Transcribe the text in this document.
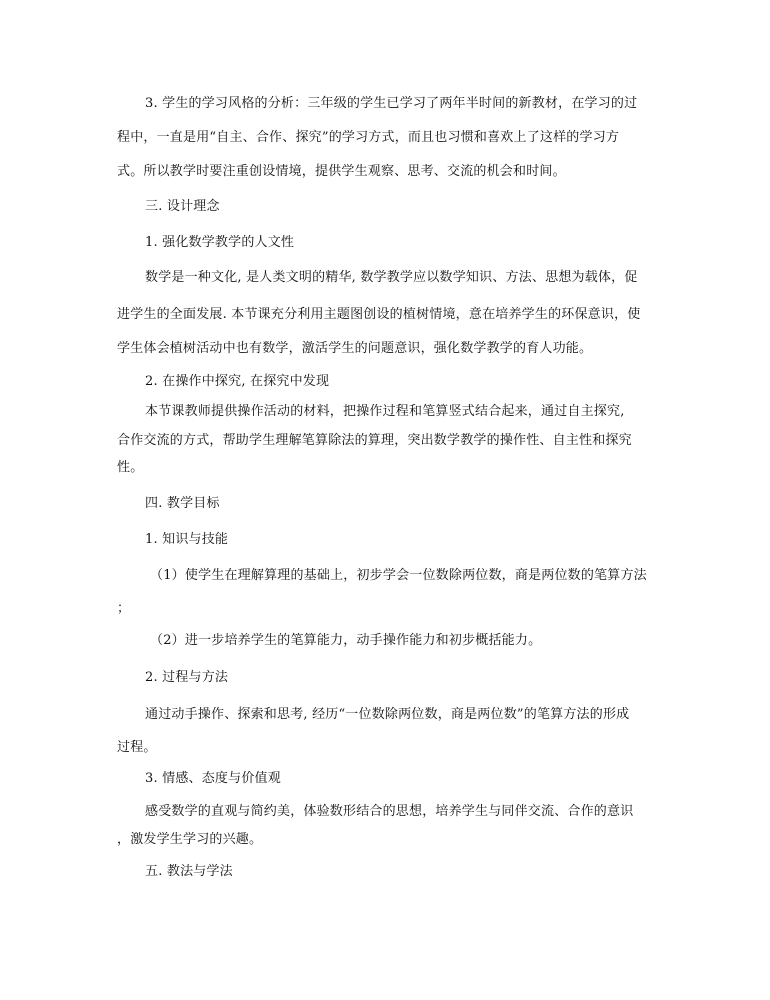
3. 学生的学习风格的分析：三年级的学生已学习了两年半时间的新教材，在学习的过
程中，一直是用“自主、合作、探究”的学习方式，而且也习惯和喜欢上了这样的学习方
式。所以教学时要注重创设情境，提供学生观察、思考、交流的机会和时间。
三. 设计理念
1. 强化数学教学的人文性
数学是一种文化, 是人类文明的精华, 数学教学应以数学知识、方法、思想为载体，促
进学生的全面发展. 本节课充分利用主题图创设的植树情境，意在培养学生的环保意识，使
学生体会植树活动中也有数学，激活学生的问题意识，强化数学教学的育人功能。
2. 在操作中探究, 在探究中发现
本节课教师提供操作活动的材料，把操作过程和笔算竖式结合起来，通过自主探究,
合作交流的方式，帮助学生理解笔算除法的算理，突出数学教学的操作性、自主性和探究
性。
四. 教学目标
1. 知识与技能
（1）使学生在理解算理的基础上，初步学会一位数除两位数，商是两位数的笔算方法
；
（2）进一步培养学生的笔算能力，动手操作能力和初步概括能力。
2. 过程与方法
通过动手操作、探索和思考, 经历“一位数除两位数，商是两位数”的笔算方法的形成
过程。
3. 情感、态度与价值观
感受数学的直观与简约美，体验数形结合的思想，培养学生与同伴交流、合作的意识
，激发学生学习的兴趣。
五. 教法与学法
